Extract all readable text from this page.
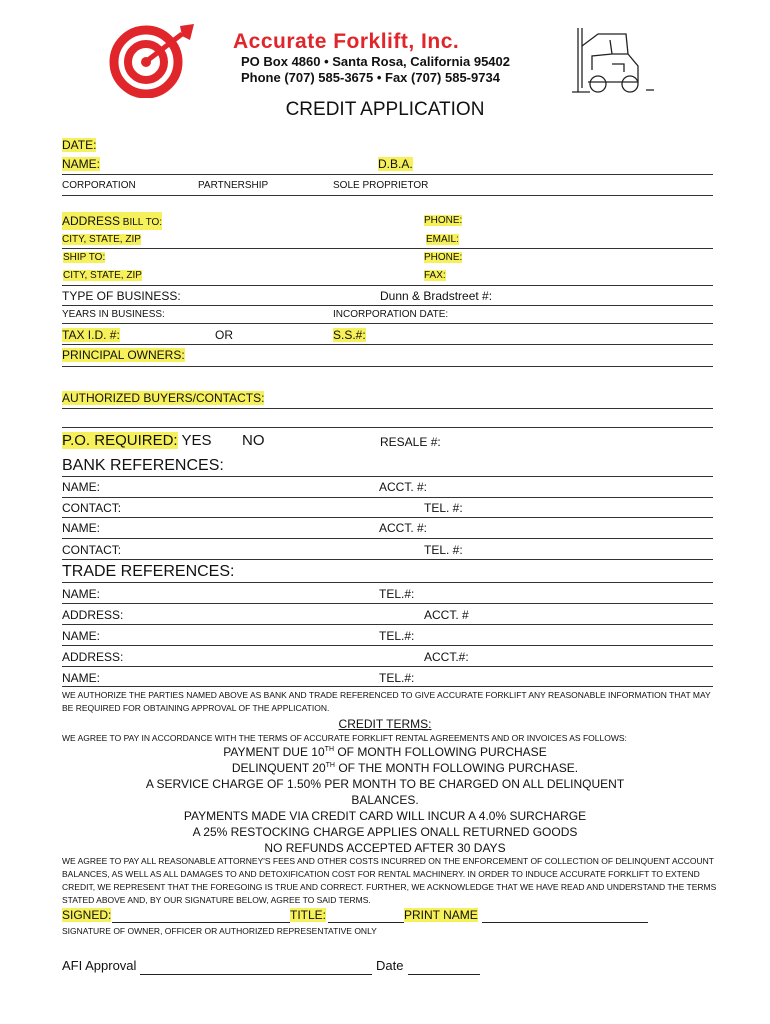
Accurate Forklift, Inc.
PO Box 4860 • Santa Rosa, California 95402
Phone (707) 585-3675 • Fax (707) 585-9734
CREDIT APPLICATION
DATE:
NAME:	D.B.A.
CORPORATION	PARTNERSHIP	SOLE PROPRIETOR
ADDRESS BILL TO:	PHONE:
CITY, STATE, ZIP	EMAIL:
SHIP TO:	PHONE:
CITY, STATE, ZIP	FAX:
TYPE OF BUSINESS:	Dunn & Bradstreet #:
YEARS IN BUSINESS:	INCORPORATION DATE:
TAX I.D. #:	OR	S.S.#:
PRINCIPAL OWNERS:
AUTHORIZED BUYERS/CONTACTS:
P.O. REQUIRED: YES NO	RESALE #:
BANK REFERENCES:
NAME:	ACCT. #:
CONTACT:	TEL. #:
NAME:	ACCT. #:
CONTACT:	TEL. #:
TRADE REFERENCES:
NAME:	TEL.#:
ADDRESS:	ACCT. #
NAME:	TEL.#:
ADDRESS:	ACCT.#:
NAME:	TEL.#:
WE AUTHORIZE THE PARTIES NAMED ABOVE AS BANK AND TRADE REFERENCED TO GIVE ACCURATE FORKLIFT ANY REASONABLE INFORMATION THAT MAY
BE REQUIRED FOR OBTAINING APPROVAL OF THE APPLICATION.
CREDIT TERMS:
WE AGREE TO PAY IN ACCORDANCE WITH THE TERMS OF ACCURATE FORKLIFT RENTAL AGREEMENTS AND OR INVOICES AS FOLLOWS:
PAYMENT DUE 10TH OF MONTH FOLLOWING PURCHASE
DELINQUENT 20TH OF THE MONTH FOLLOWING PURCHASE.
A SERVICE CHARGE OF 1.50% PER MONTH TO BE CHARGED ON ALL DELINQUENT
BALANCES.
PAYMENTS MADE VIA CREDIT CARD WILL INCUR A 4.0% SURCHARGE
A 25% RESTOCKING CHARGE APPLIES ONALL RETURNED GOODS
NO REFUNDS ACCEPTED AFTER 30 DAYS
WE AGREE TO PAY ALL REASONABLE ATTORNEY'S FEES AND OTHER COSTS INCURRED ON THE ENFORCEMENT OF COLLECTION OF DELINQUENT ACCOUNT
BALANCES, AS WELL AS ALL DAMAGES TO AND DETOXIFICATION COST FOR RENTAL MACHINERY. IN ORDER TO INDUCE ACCURATE FORKLIFT TO EXTEND
CREDIT, WE REPRESENT THAT THE FOREGOING IS TRUE AND CORRECT. FURTHER, WE ACKNOWLEDGE THAT WE HAVE READ AND UNDERSTAND THE TERMS
STATED ABOVE AND, BY OUR SIGNATURE BELOW, AGREE TO SAID TERMS.
SIGNED:	TITLE:	PRINT NAME
SIGNATURE OF OWNER, OFFICER OR AUTHORIZED REPRESENTATIVE ONLY
AFI Approval	Date
